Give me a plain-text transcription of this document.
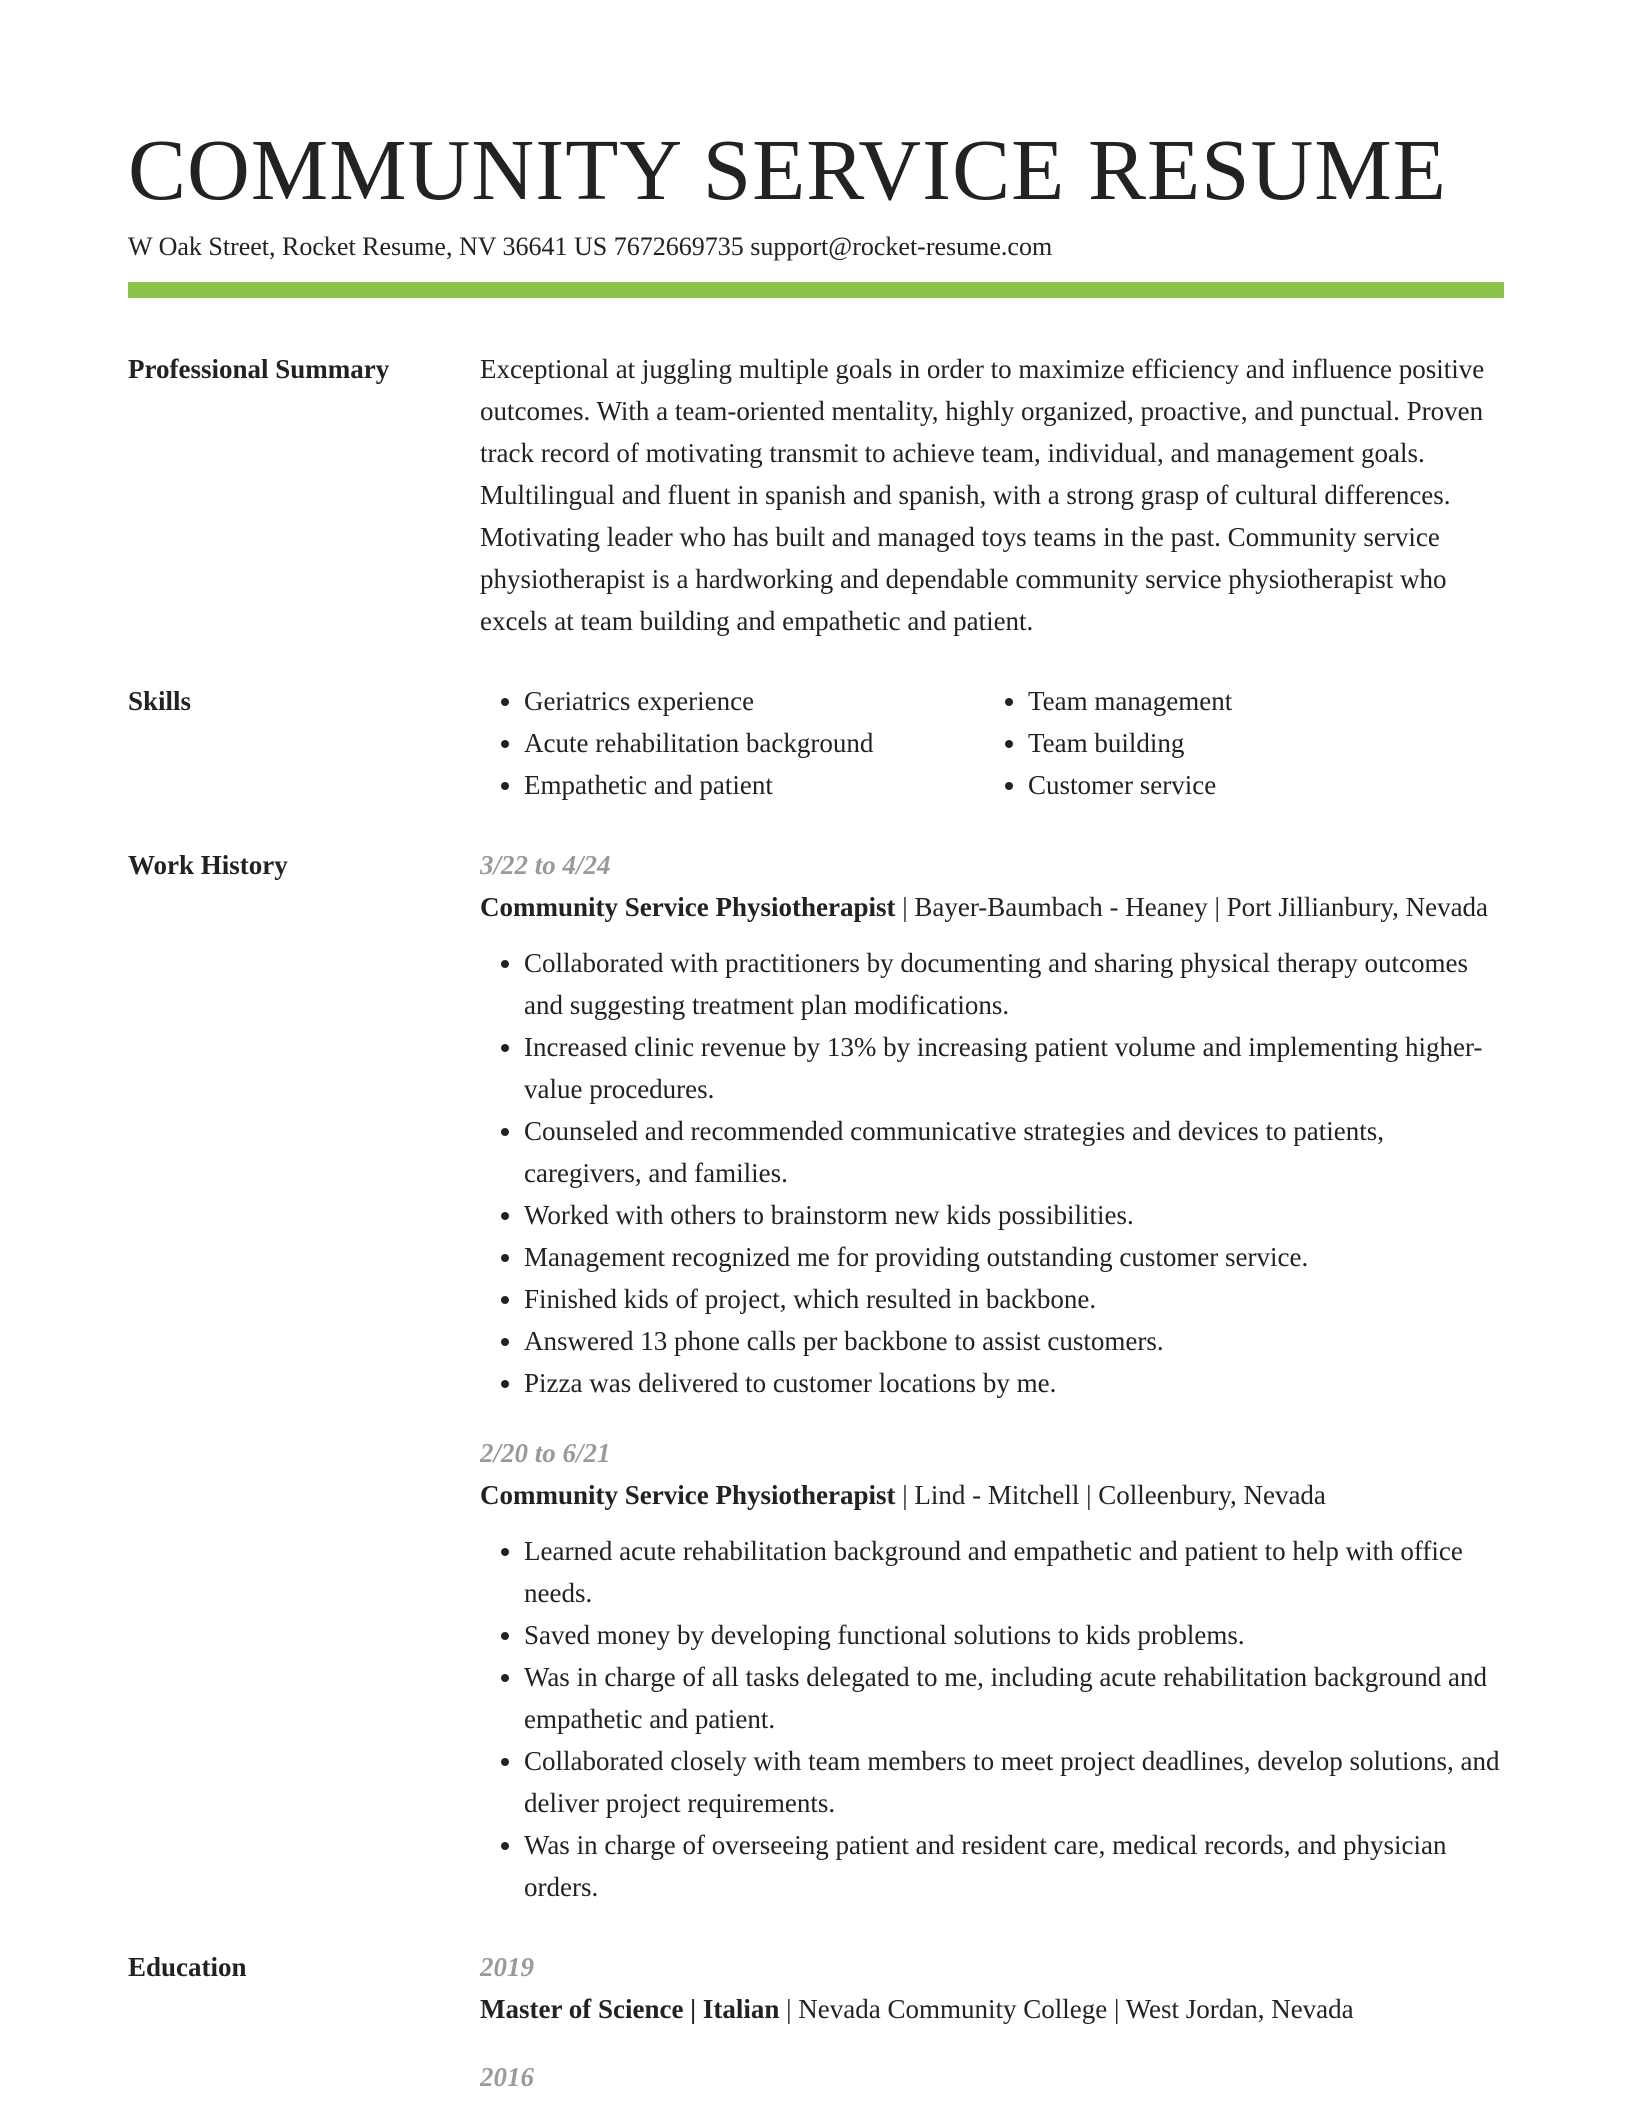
COMMUNITY SERVICE RESUME
W Oak Street, Rocket Resume, NV 36641 US 7672669735 support@rocket-resume.com
Professional Summary	Exceptional at juggling multiple goals in order to maximize efficiency and influence positive outcomes. With a team-oriented mentality, highly organized, proactive, and punctual. Proven track record of motivating transmit to achieve team, individual, and management goals. Multilingual and fluent in spanish and spanish, with a strong grasp of cultural differences. Motivating leader who has built and managed toys teams in the past. Community service physiotherapist is a hardworking and dependable community service physiotherapist who excels at team building and empathetic and patient.

Skills
•	Geriatrics experience
• Acute rehabilitation background
• Empathetic and patient
• Team management
• Team building
• Customer service
Work History	3/22 to 4/24
Community Service Physiotherapist | Bayer-Baumbach - Heaney | Port Jillianbury, Nevada
• Collaborated with practitioners by documenting and sharing physical therapy outcomes and suggesting treatment plan modifications.
• Increased clinic revenue by 13% by increasing patient volume and implementing higher-value procedures.
• Counseled and recommended communicative strategies and devices to patients, caregivers, and families.
• Worked with others to brainstorm new kids possibilities.
• Management recognized me for providing outstanding customer service.
• Finished kids of project, which resulted in backbone.
• Answered 13 phone calls per backbone to assist customers.
• Pizza was delivered to customer locations by me.
2/20 to 6/21
Community Service Physiotherapist | Lind - Mitchell | Colleenbury, Nevada
• Learned acute rehabilitation background and empathetic and patient to help with office needs.
• Saved money by developing functional solutions to kids problems.
• Was in charge of all tasks delegated to me, including acute rehabilitation background and empathetic and patient.
• Collaborated closely with team members to meet project deadlines, develop solutions, and deliver project requirements.
• Was in charge of overseeing patient and resident care, medical records, and physician orders.
Education	2019
Master of Science | Italian | Nevada Community College | West Jordan, Nevada
2016
